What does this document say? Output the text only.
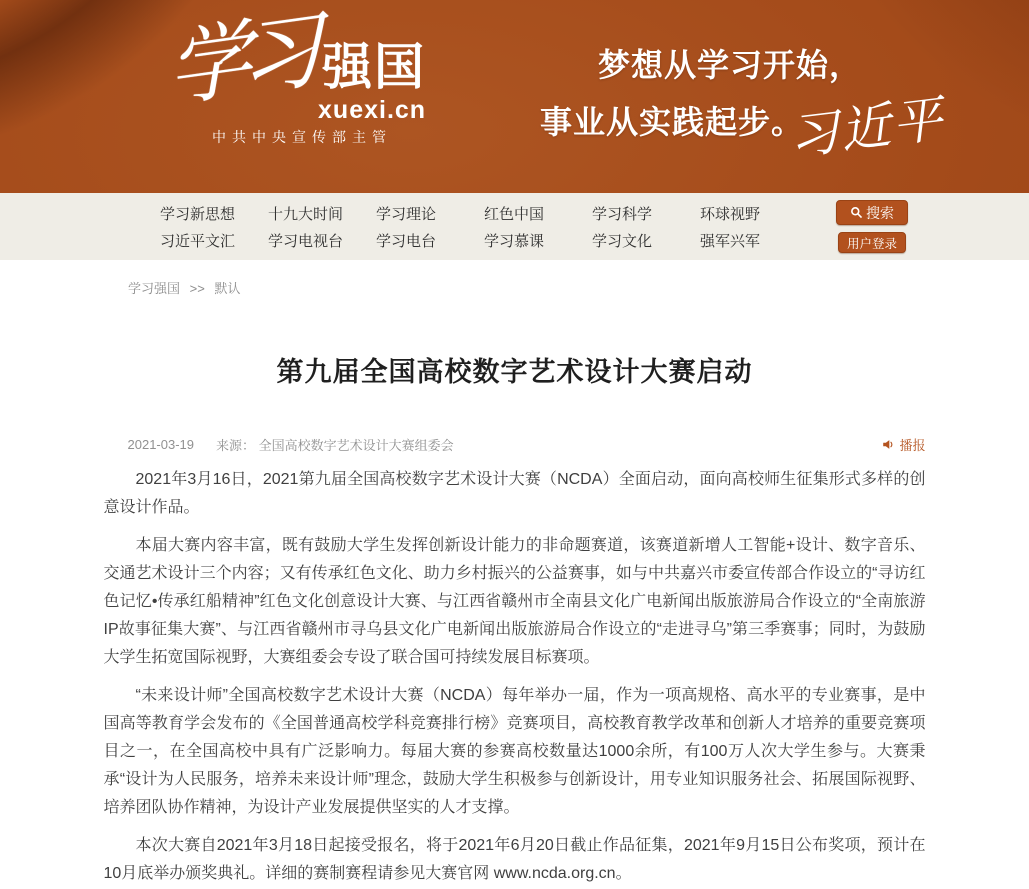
学习 强国
xuexi.cn
中共中央宣传部主管
梦想从学习开始，
事业从实践起步。
习近平
学习新思想	十九大时间	学习理论	红色中国	学习科学	环球视野
习近平文汇	学习电视台	学习电台	学习慕课	学习文化	强军兴军
搜索
用户登录
学习强国 >> 默认
第九届全国高校数字艺术设计大赛启动
2021-03-19 来源： 全国高校数字艺术设计大赛组委会	播报

2021年3月16日，2021第九届全国高校数字艺术设计大赛（NCDA）全面启动，面向高校师生征集形式多样的创意设计作品。

本届大赛内容丰富，既有鼓励大学生发挥创新设计能力的非命题赛道，该赛道新增人工智能+设计、数字音乐、交通艺术设计三个内容；又有传承红色文化、助力乡村振兴的公益赛事，如与中共嘉兴市委宣传部合作设立的“寻访红色记忆•传承红船精神”红色文化创意设计大赛、与江西省赣州市全南县文化广电新闻出版旅游局合作设立的“全南旅游IP故事征集大赛”、与江西省赣州市寻乌县文化广电新闻出版旅游局合作设立的“走进寻乌”第三季赛事；同时，为鼓励大学生拓宽国际视野，大赛组委会专设了联合国可持续发展目标赛项。

“未来设计师”全国高校数字艺术设计大赛（NCDA）每年举办一届，作为一项高规格、高水平的专业赛事，是中国高等教育学会发布的《全国普通高校学科竞赛排行榜》竞赛项目，高校教育教学改革和创新人才培养的重要竞赛项目之一，在全国高校中具有广泛影响力。每届大赛的参赛高校数量达1000余所，有100万人次大学生参与。大赛秉承“设计为人民服务，培养未来设计师”理念，鼓励大学生积极参与创新设计，用专业知识服务社会、拓展国际视野、培养团队协作精神，为设计产业发展提供坚实的人才支撑。

本次大赛自2021年3月18日起接受报名，将于2021年6月20日截止作品征集，2021年9月15日公布奖项，预计在10月底举办颁奖典礼。详细的赛制赛程请参见大赛官网 www.ncda.org.cn。
